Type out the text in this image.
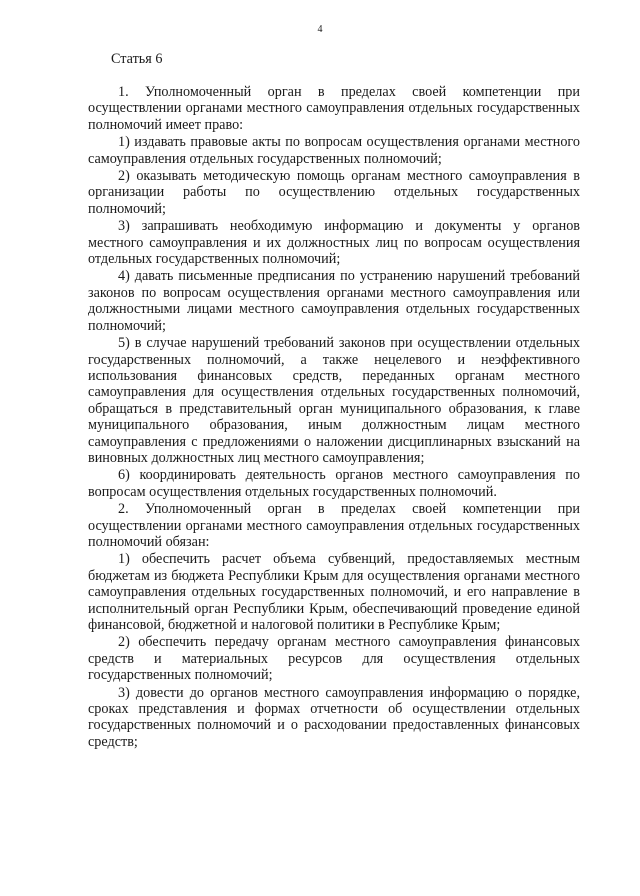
4
Статья 6

1. Уполномоченный орган в пределах своей компетенции при осуществлении органами местного самоуправления отдельных государственных полномочий имеет право:

1) издавать правовые акты по вопросам осуществления органами местного самоуправления отдельных государственных полномочий;

2) оказывать методическую помощь органам местного самоуправления в организации работы по осуществлению отдельных государственных полномочий;

3) запрашивать необходимую информацию и документы у органов местного самоуправления и их должностных лиц по вопросам осуществления отдельных государственных полномочий;

4) давать письменные предписания по устранению нарушений требований законов по вопросам осуществления органами местного самоуправления или должностными лицами местного самоуправления отдельных государственных полномочий;

5) в случае нарушений требований законов при осуществлении отдельных государственных полномочий, а также нецелевого и неэффективного использования финансовых средств, переданных органам местного самоуправления для осуществления отдельных государственных полномочий, обращаться в представительный орган муниципального образования, к главе муниципального образования, иным должностным лицам местного самоуправления с предложениями о наложении дисциплинарных взысканий на виновных должностных лиц местного самоуправления;

6) координировать деятельность органов местного самоуправления по вопросам осуществления отдельных государственных полномочий.

2. Уполномоченный орган в пределах своей компетенции при осуществлении органами местного самоуправления отдельных государственных полномочий обязан:

1) обеспечить расчет объема субвенций, предоставляемых местным бюджетам из бюджета Республики Крым для осуществления органами местного самоуправления отдельных государственных полномочий, и его направление в исполнительный орган Республики Крым, обеспечивающий проведение единой финансовой, бюджетной и налоговой политики в Республике Крым;

2) обеспечить передачу органам местного самоуправления финансовых средств и материальных ресурсов для осуществления отдельных государственных полномочий;

3) довести до органов местного самоуправления информацию о порядке, сроках представления и формах отчетности об осуществлении отдельных государственных полномочий и о расходовании предоставленных финансовых средств;
